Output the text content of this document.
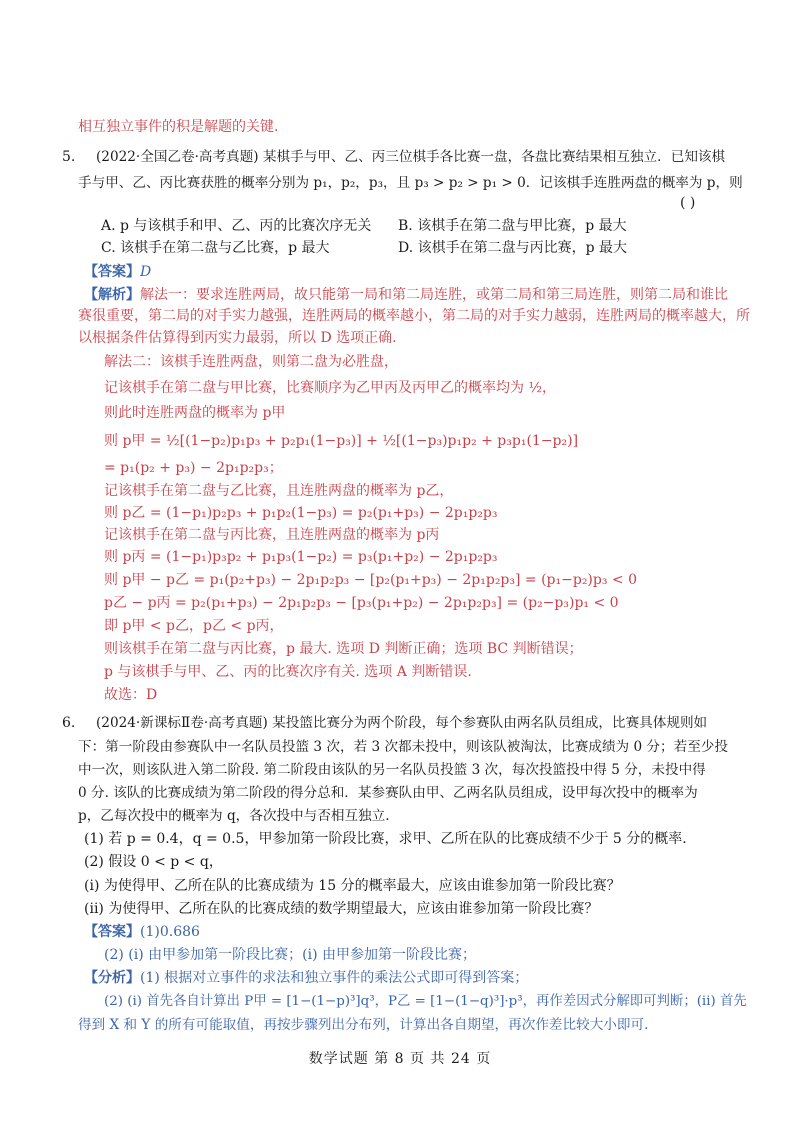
相互独立事件的积是解题的关键.
5. (2022·全国乙卷·高考真题) 某棋手与甲、乙、丙三位棋手各比赛一盘，各盘比赛结果相互独立．已知该棋
手与甲、乙、丙比赛获胜的概率分别为 p₁，p₂，p₃，且 p₃ > p₂ > p₁ > 0．记该棋手连胜两盘的概率为 p，则
( )
A. p 与该棋手和甲、乙、丙的比赛次序无关 B. 该棋手在第二盘与甲比赛，p 最大
C. 该棋手在第二盘与乙比赛，p 最大	D. 该棋手在第二盘与丙比赛，p 最大
【答案】D
【解析】解法一：要求连胜两局，故只能第一局和第二局连胜，或第二局和第三局连胜，则第二局和谁比
赛很重要，第二局的对手实力越强，连胜两局的概率越小，第二局的对手实力越弱，连胜两局的概率越大，所
以根据条件估算得到丙实力最弱，所以 D 选项正确.
解法二：该棋手连胜两盘，则第二盘为必胜盘，
记该棋手在第二盘与甲比赛，比赛顺序为乙甲丙及丙甲乙的概率均为 ½，
则此时连胜两盘的概率为 p甲
则 p甲 = ½[(1−p₂)p₁p₃ + p₂p₁(1−p₃)] + ½[(1−p₃)p₁p₂ + p₃p₁(1−p₂)]
= p₁(p₂ + p₃) − 2p₁p₂p₃；
记该棋手在第二盘与乙比赛，且连胜两盘的概率为 p乙，
则 p乙 = (1−p₁)p₂p₃ + p₁p₂(1−p₃) = p₂(p₁+p₃) − 2p₁p₂p₃
记该棋手在第二盘与丙比赛，且连胜两盘的概率为 p丙
则 p丙 = (1−p₁)p₃p₂ + p₁p₃(1−p₂) = p₃(p₁+p₂) − 2p₁p₂p₃
则 p甲 − p乙 = p₁(p₂+p₃) − 2p₁p₂p₃ − [p₂(p₁+p₃) − 2p₁p₂p₃] = (p₁−p₂)p₃ < 0
p乙 − p丙 = p₂(p₁+p₃) − 2p₁p₂p₃ − [p₃(p₁+p₂) − 2p₁p₂p₃] = (p₂−p₃)p₁ < 0
即 p甲 < p乙，p乙 < p丙，
则该棋手在第二盘与丙比赛，p 最大. 选项 D 判断正确；选项 BC 判断错误；
p 与该棋手与甲、乙、丙的比赛次序有关. 选项 A 判断错误.
故选：D
6. (2024·新课标Ⅱ卷·高考真题) 某投篮比赛分为两个阶段，每个参赛队由两名队员组成，比赛具体规则如
下：第一阶段由参赛队中一名队员投篮 3 次，若 3 次都未投中，则该队被淘汰，比赛成绩为 0 分；若至少投
中一次，则该队进入第二阶段. 第二阶段由该队的另一名队员投篮 3 次，每次投篮投中得 5 分，未投中得
0 分. 该队的比赛成绩为第二阶段的得分总和．某参赛队由甲、乙两名队员组成，设甲每次投中的概率为
p，乙每次投中的概率为 q，各次投中与否相互独立.
(1) 若 p = 0.4，q = 0.5，甲参加第一阶段比赛，求甲、乙所在队的比赛成绩不少于 5 分的概率.
(2) 假设 0 < p < q，
(i) 为使得甲、乙所在队的比赛成绩为 15 分的概率最大，应该由谁参加第一阶段比赛？
(ii) 为使得甲、乙所在队的比赛成绩的数学期望最大，应该由谁参加第一阶段比赛？
【答案】(1)0.686
(2) (i) 由甲参加第一阶段比赛；(i) 由甲参加第一阶段比赛；
【分析】(1) 根据对立事件的求法和独立事件的乘法公式即可得到答案；
(2) (i) 首先各自计算出 P甲 = [1−(1−p)³]q³，P乙 = [1−(1−q)³]·p³，再作差因式分解即可判断；(ii) 首先
得到 X 和 Y 的所有可能取值，再按步骤列出分布列，计算出各自期望，再次作差比较大小即可.
数学试题 第 8 页 共 24 页
